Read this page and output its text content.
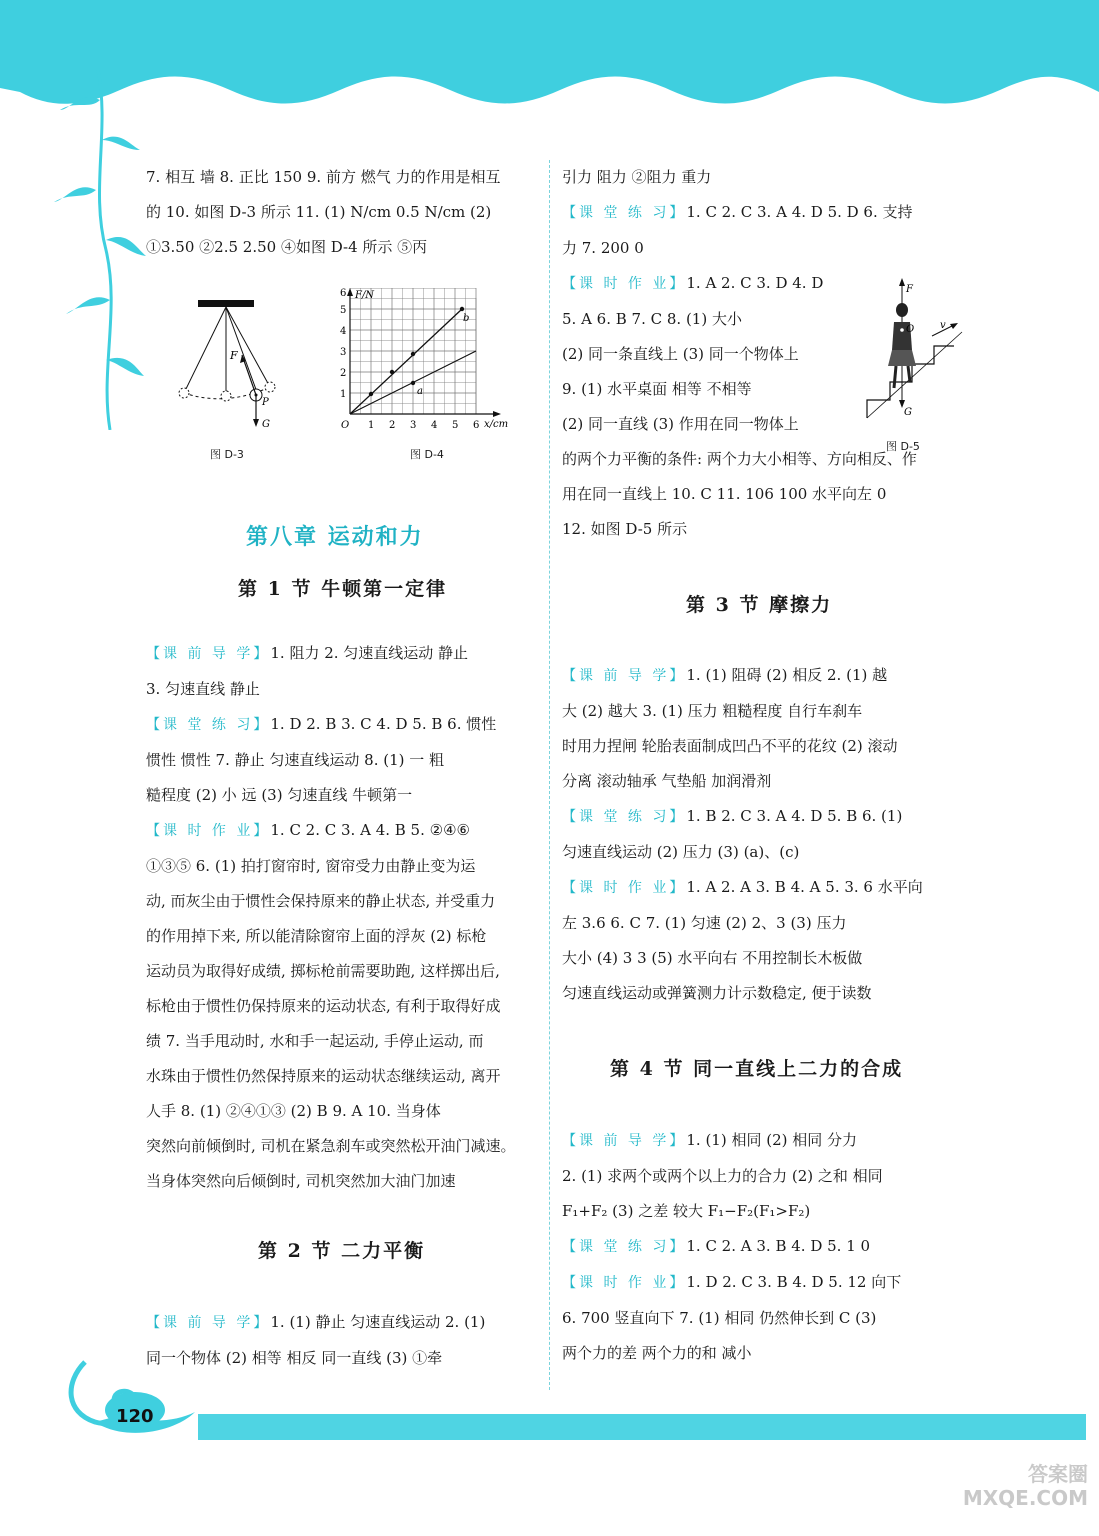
7. 相互 墙 8. 正比 150 9. 前方 燃气 力的作用是相互
的 10. 如图 D-3 所示 11. (1) N/cm 0.5 N/cm (2)
①3.50 ②2.5 2.50 ④如图 D-4 所示 ⑤丙
F
P
G
图 D-3
b
a
F/N
x/cm
O 1 2 3 4 5 6
1
2
3
4
5
6
图 D-4
第八章 运动和力
第 1 节 牛顿第一定律
【课 前 导 学】1. 阻力 2. 匀速直线运动 静止
3. 匀速直线 静止
【课 堂 练 习】1. D 2. B 3. C 4. D 5. B 6. 惯性
惯性 惯性 7. 静止 匀速直线运动 8. (1) 一 粗
糙程度 (2) 小 远 (3) 匀速直线 牛顿第一
【课 时 作 业】1. C 2. C 3. A 4. B 5. ②④⑥
①③⑤ 6. (1) 拍打窗帘时, 窗帘受力由静止变为运
动, 而灰尘由于惯性会保持原来的静止状态, 并受重力
的作用掉下来, 所以能清除窗帘上面的浮灰 (2) 标枪
运动员为取得好成绩, 掷标枪前需要助跑, 这样掷出后,
标枪由于惯性仍保持原来的运动状态, 有利于取得好成
绩 7. 当手甩动时, 水和手一起运动, 手停止运动, 而
水珠由于惯性仍然保持原来的运动状态继续运动, 离开
人手 8. (1) ②④①③ (2) B 9. A 10. 当身体
突然向前倾倒时, 司机在紧急刹车或突然松开油门减速。
当身体突然向后倾倒时, 司机突然加大油门加速
第 2 节 二力平衡
【课 前 导 学】1. (1) 静止 匀速直线运动 2. (1)
同一个物体 (2) 相等 相反 同一直线 (3) ①牵
引力 阻力 ②阻力 重力
【课 堂 练 习】1. C 2. C 3. A 4. D 5. D 6. 支持
力 7. 200 0
【课 时 作 业】1. A 2. C 3. D 4. D
5. A 6. B 7. C 8. (1) 大小
(2) 同一条直线上 (3) 同一个物体上
9. (1) 水平桌面 相等 不相等
(2) 同一直线 (3) 作用在同一物体上
的两个力平衡的条件: 两个力大小相等、方向相反、作
用在同一直线上 10. C 11. 106 100 水平向左 0
12. 如图 D-5 所示
F
O
G
v
图 D-5
第 3 节 摩擦力
【课 前 导 学】1. (1) 阻碍 (2) 相反 2. (1) 越
大 (2) 越大 3. (1) 压力 粗糙程度 自行车刹车
时用力捏闸 轮胎表面制成凹凸不平的花纹 (2) 滚动
分离 滚动轴承 气垫船 加润滑剂
【课 堂 练 习】1. B 2. C 3. A 4. D 5. B 6. (1)
匀速直线运动 (2) 压力 (3) (a)、(c)
【课 时 作 业】1. A 2. A 3. B 4. A 5. 3. 6 水平向
左 3.6 6. C 7. (1) 匀速 (2) 2、3 (3) 压力
大小 (4) 3 3 (5) 水平向右 不用控制长木板做
匀速直线运动或弹簧测力计示数稳定, 便于读数
第 4 节 同一直线上二力的合成
【课 前 导 学】1. (1) 相同 (2) 相同 分力
2. (1) 求两个或两个以上力的合力 (2) 之和 相同
F₁+F₂ (3) 之差 较大 F₁−F₂(F₁>F₂)
【课 堂 练 习】1. C 2. A 3. B 4. D 5. 1 0
【课 时 作 业】1. D 2. C 3. B 4. D 5. 12 向下
6. 700 竖直向下 7. (1) 相同 仍然伸长到 C (3)
两个力的差 两个力的和 减小
120
答案圈 MXQE.COM
